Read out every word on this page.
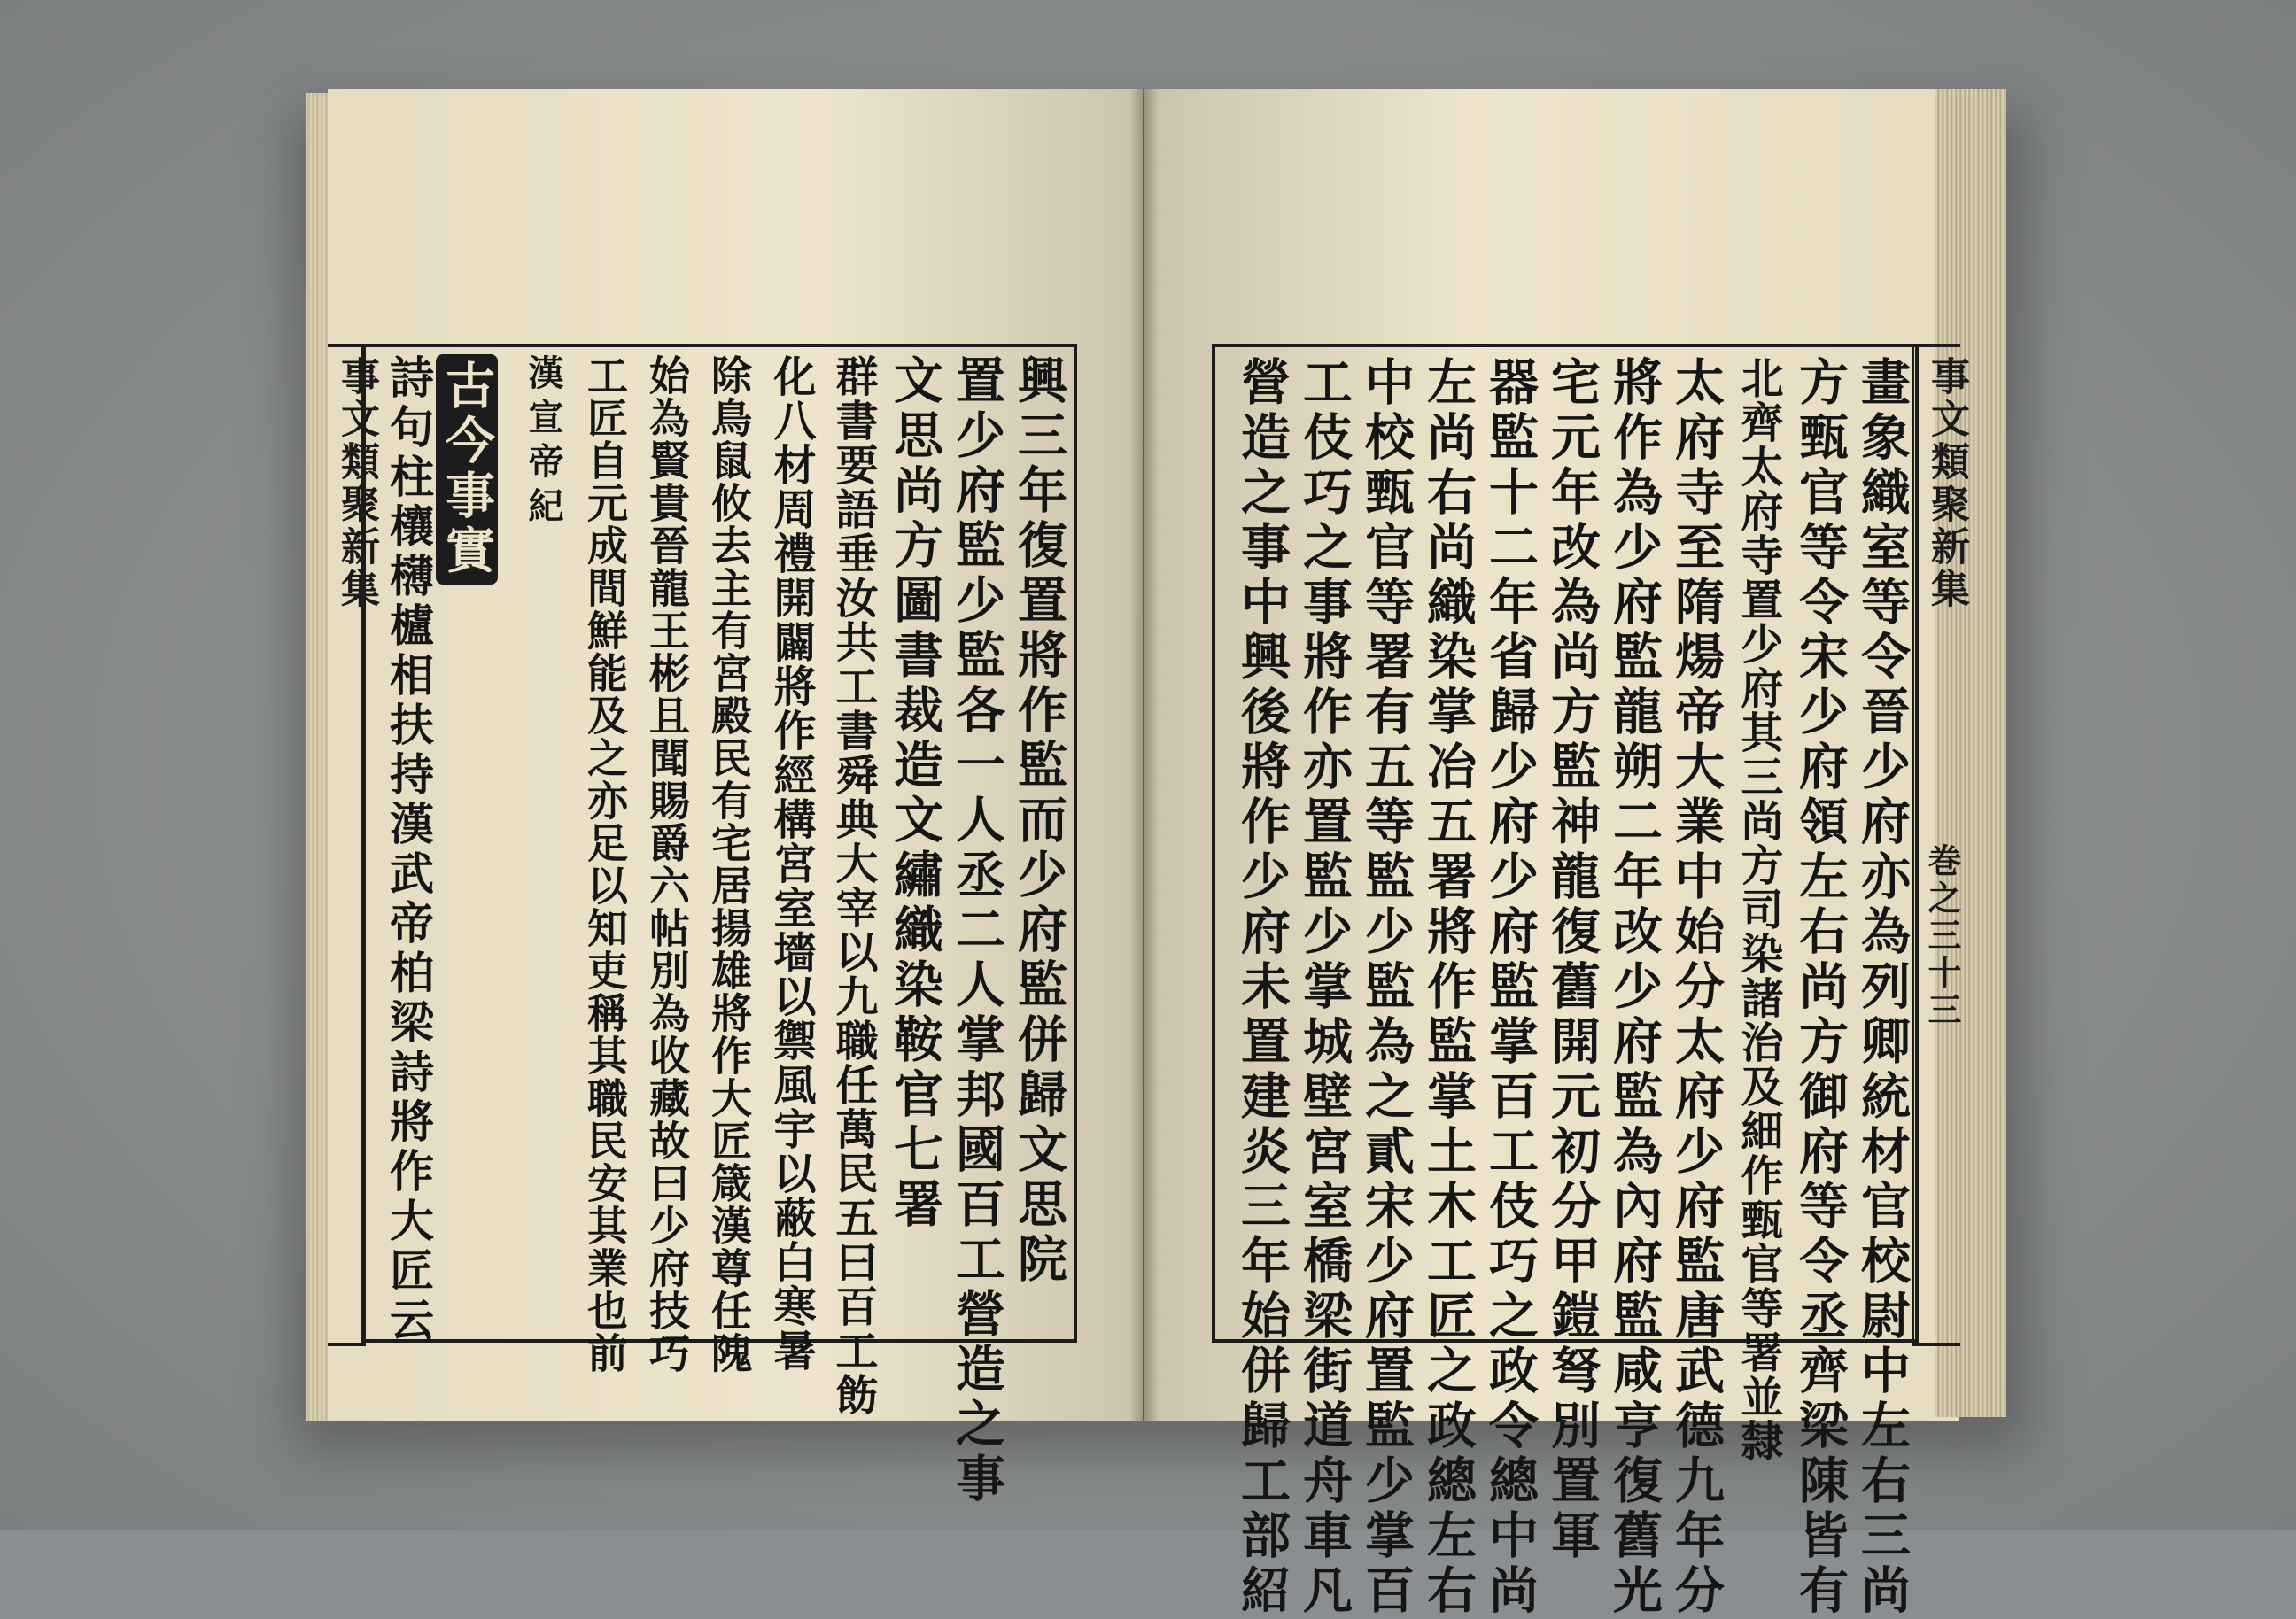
事文類聚新集	興三年復置將作監而少府監併歸文思院
置少府監少監各一人丞二人掌邦國百工營造之事
文思尚方圖書裁造文繡織染鞍官七署
群書要語垂汝共工書舜典大宰以九職任萬民五曰百工飭
化八材周禮開闢將作經構宮室墻以禦風宇以蔽白寒暑
除鳥鼠攸去主有宮殿民有宅居揚雄將作大匠箴漢尊任隗
始為賢貴晉龍王彬且聞賜爵六帖別為收藏故曰少府技巧
工匠自元成間鮮能及之亦足以知吏稱其職民安其業也前
漢宣帝紀
古今事實
詩句柱欀欂櫨相扶持漢武帝柏梁詩將作大匠云	畫象織室等令晉少府亦為列卿統材官校尉中左右三尚
方甄官等令宋少府領左右尚方御府等令丞齊梁陳皆有
北齊太府寺置少府其三尚方司染諸治及細作甄官等署並隸
太府寺至隋煬帝大業中始分太府少府監唐武德九年分
將作為少府監龍朔二年改少府監為內府監咸亨復舊光
宅元年改為尚方監神龍復舊開元初分甲鎧弩別置軍
器監十二年省歸少府少府監掌百工伎巧之政令總中尚
左尚右尚織染掌冶五署將作監掌土木工匠之政總左右
中校甄官等署有五等監少監為之貳宋少府置監少掌百
工伎巧之事將作亦置監少掌城壁宮室橋梁街道舟車凡
營造之事中興後將作少府未置建炎三年始併歸工部紹	事文類聚新集
巻之三十三
